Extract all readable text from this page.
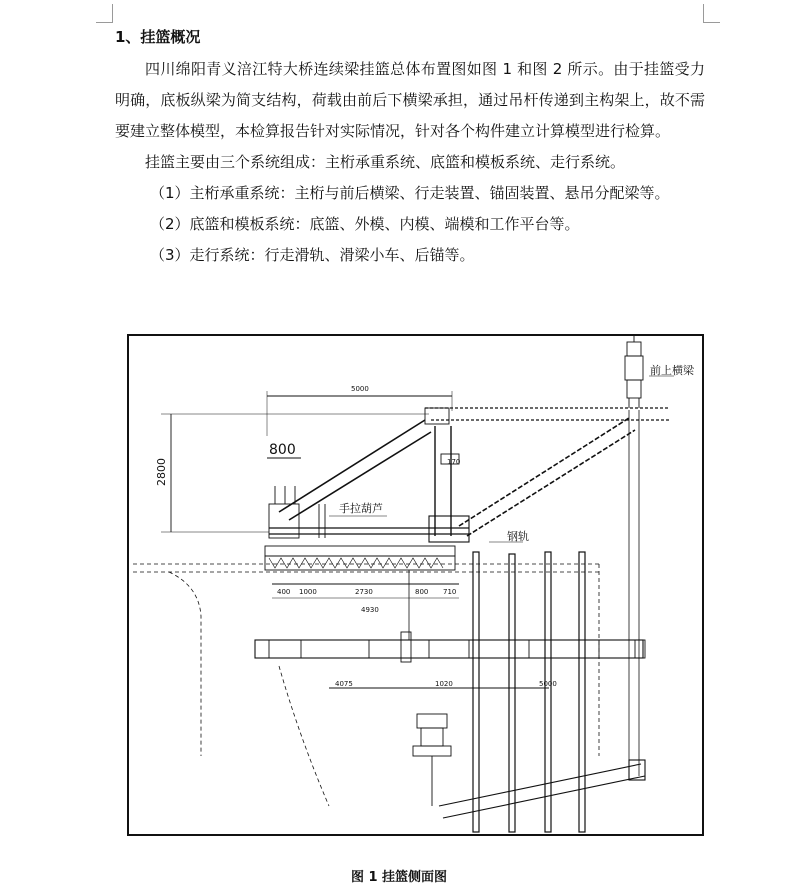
1、挂篮概况

四川绵阳青义涪江特大桥连续梁挂篮总体布置图如图 1 和图 2 所示。由于挂篮受力明确，底板纵梁为简支结构，荷载由前后下横梁承担，通过吊杆传递到主构架上，故不需要建立整体模型，本检算报告针对实际情况，针对各个构件建立计算模型进行检算。

挂篮主要由三个系统组成：主桁承重系统、底篮和模板系统、走行系统。

（1）主桁承重系统：主桁与前后横梁、行走装置、锚固装置、悬吊分配梁等。

（2）底篮和模板系统：底篮、外模、内模、端模和工作平台等。

（3）走行系统：行走滑轨、滑梁小车、后锚等。

5000
2800
800
170
手拉葫芦
前上横梁
400 1000	2730	800 710
4930
4075	1020	5000
钢轨
图 1 挂篮侧面图
